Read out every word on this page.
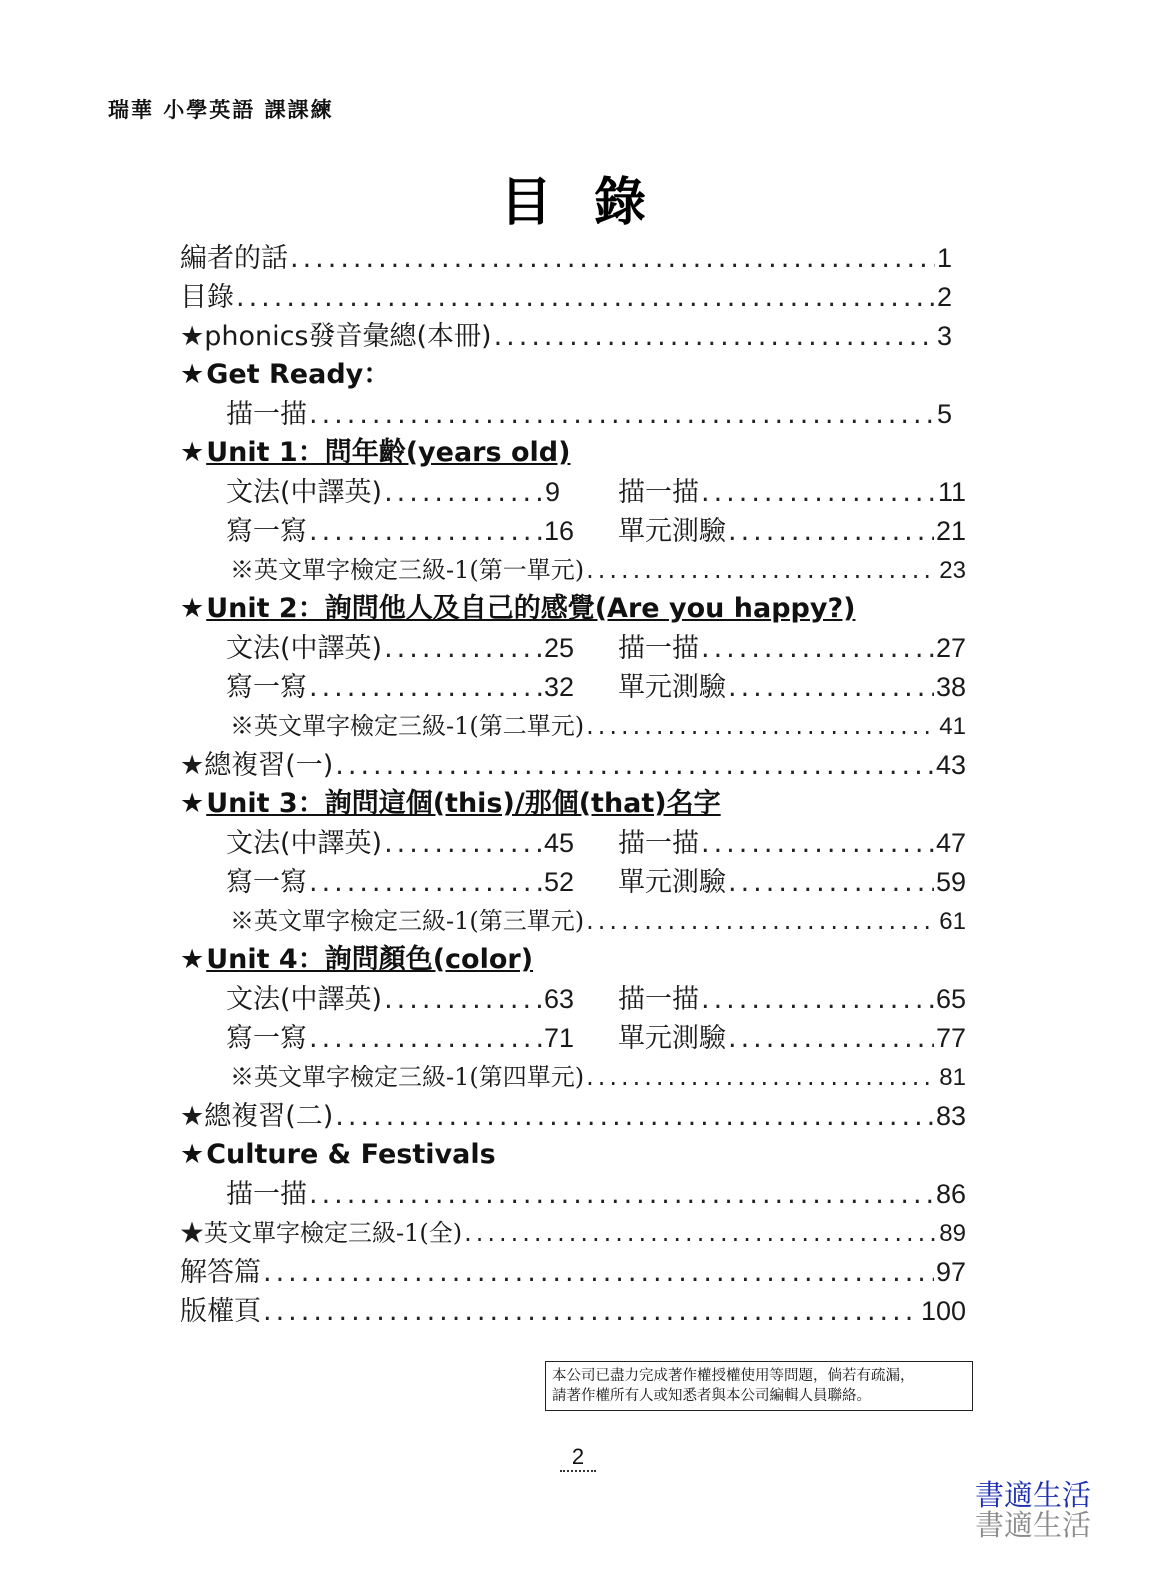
瑞華 小學英語 課課練
目 錄
編者的話 .....	1
目錄 .....	2
★phonics發音彙總(本冊) .....	3
★Get Ready：
描一描 .....	5
★Unit 1：問年齡(years old)
文法(中譯英) .....	9 描一描 .....	11
寫一寫 .....	16 單元測驗 .....	21
※英文單字檢定三級-1(第一單元) .....	23
★Unit 2：詢問他人及自己的感覺(Are you happy?)
文法(中譯英) .....	25 描一描 .....	27
寫一寫 .....	32 單元測驗 .....	38
※英文單字檢定三級-1(第二單元) .....	41
★總複習(一) .....	43
★Unit 3：詢問這個(this)/那個(that)名字
文法(中譯英) .....	45 描一描 .....	47
寫一寫 .....	52 單元測驗 .....	59
※英文單字檢定三級-1(第三單元) .....	61
★Unit 4：詢問顏色(color)
文法(中譯英) .....	63 描一描 .....	65
寫一寫 .....	71 單元測驗 .....	77
※英文單字檢定三級-1(第四單元) .....	81
★總複習(二) .....	83
★Culture & Festivals
描一描 .....	86
★英文單字檢定三級-1(全) .....	89
解答篇 .....	97
版權頁 .....	100
本公司已盡力完成著作權授權使用等問題，倘若有疏漏，
請著作權所有人或知悉者與本公司編輯人員聯絡。
2
書適生活
書適生活
